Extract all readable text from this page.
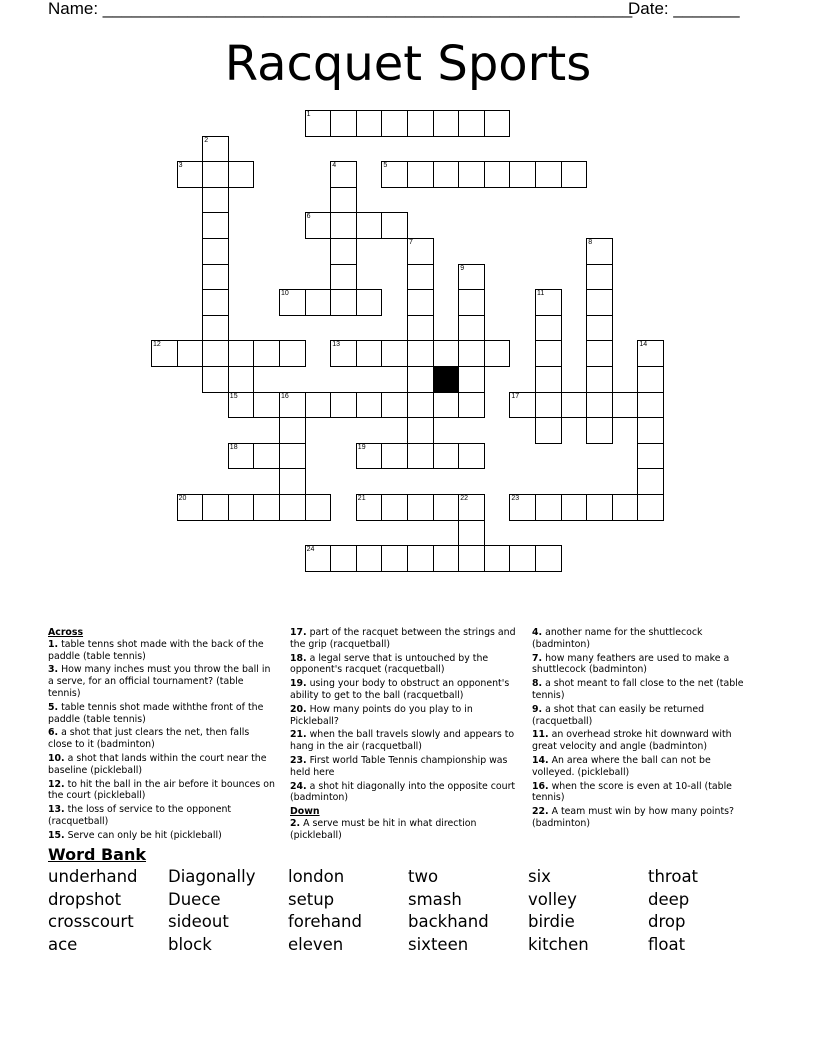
Name: ________________________________________________________
Date: _______
Racquet Sports
1
2
3	4	5
6
7	8
9
10	11
12	13	14
15	16	17
18	19
20	21	22	23
24

Across

1. table tenns shot made with the back of the paddle (table tennis)

3. How many inches must you throw the ball in a serve, for an official tournament? (table tennis)

5. table tennis shot made withthe front of the paddle (table tennis)

6. a shot that just clears the net, then falls close to it (badminton)

10. a shot that lands within the court near the baseline (pickleball)

12. to hit the ball in the air before it bounces on the court (pickleball)

13. the loss of service to the opponent (racquetball)

15. Serve can only be hit (pickleball)

17. part of the racquet between the strings and the grip (racquetball)

18. a legal serve that is untouched by the opponent's racquet (racquetball)

19. using your body to obstruct an opponent's ability to get to the ball (racquetball)

20. How many points do you play to in Pickleball?

21. when the ball travels slowly and appears to hang in the air (racquetball)

23. First world Table Tennis championship was held here

24. a shot hit diagonally into the opposite court (badminton)

Down

2. A serve must be hit in what direction (pickleball)

4. another name for the shuttlecock (badminton)

7. how many feathers are used to make a shuttlecock (badminton)

8. a shot meant to fall close to the net (table tennis)

9. a shot that can easily be returned (racquetball)

11. an overhead stroke hit downward with great velocity and angle (badminton)

14. An area where the ball can not be volleyed. (pickleball)

16. when the score is even at 10-all (table tennis)

22. A team must win by how many points? (badminton)

Word Bank
underhand Diagonally london	two	six	throat
dropshot	Duece	setup	smash	volley	deep
crosscourt sideout	forehand	backhand birdie	drop
ace	block	eleven	sixteen	kitchen	float
